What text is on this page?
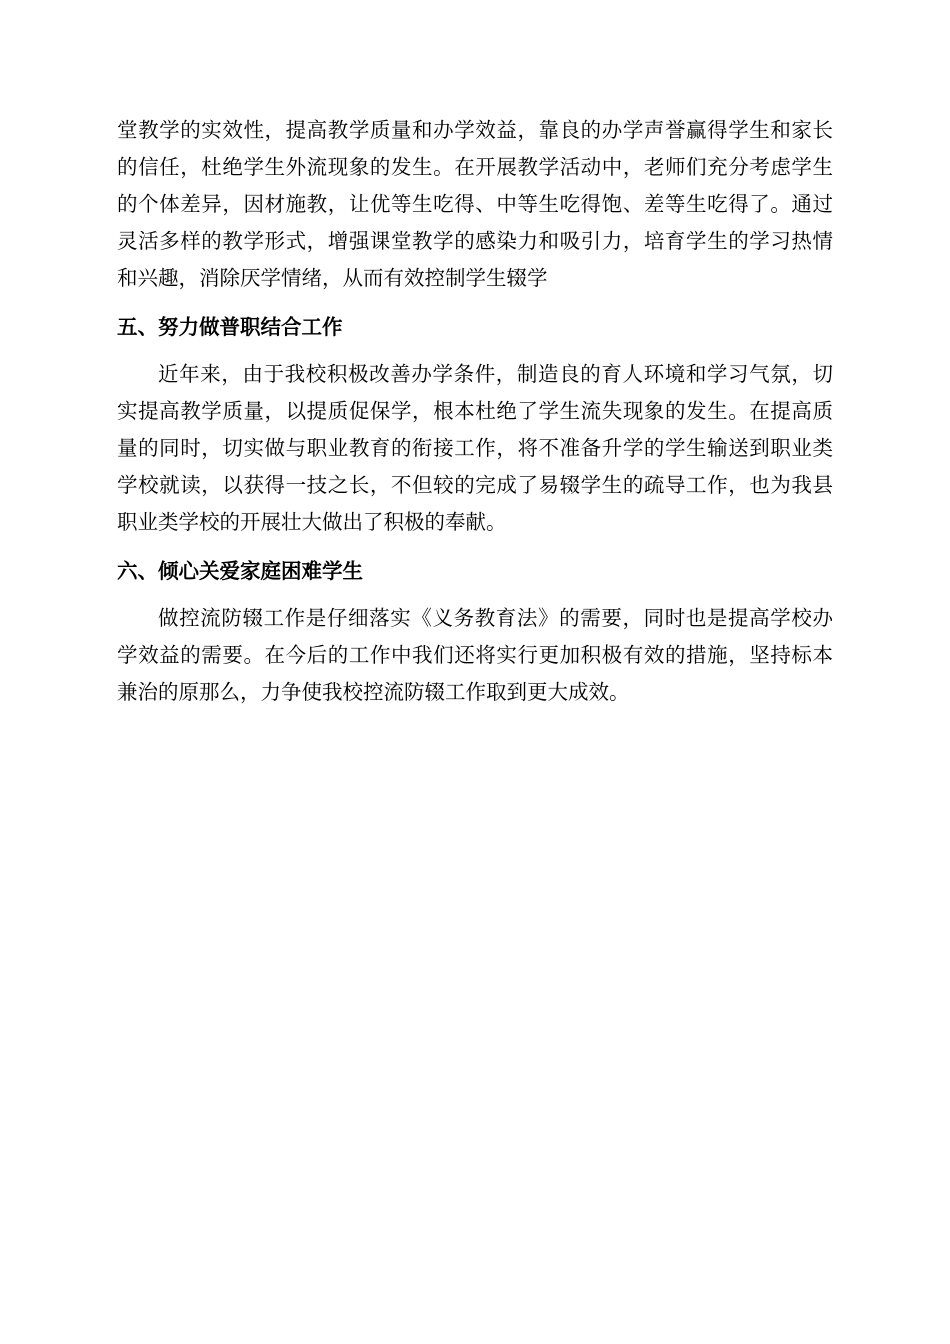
堂教学的实效性，提高教学质量和办学效益，靠良的办学声誉赢得学生和家长的信任，杜绝学生外流现象的发生。在开展教学活动中，老师们充分考虑学生的个体差异，因材施教，让优等生吃得、中等生吃得饱、差等生吃得了。通过灵活多样的教学形式，增强课堂教学的感染力和吸引力，培育学生的学习热情和兴趣，消除厌学情绪，从而有效控制学生辍学

五、努力做普职结合工作

近年来，由于我校积极改善办学条件，制造良的育人环境和学习气氛，切实提高教学质量，以提质促保学，根本杜绝了学生流失现象的发生。在提高质量的同时，切实做与职业教育的衔接工作，将不准备升学的学生输送到职业类学校就读，以获得一技之长，不但较的完成了易辍学生的疏导工作，也为我县职业类学校的开展壮大做出了积极的奉献。

六、倾心关爱家庭困难学生

做控流防辍工作是仔细落实《义务教育法》的需要，同时也是提高学校办学效益的需要。在今后的工作中我们还将实行更加积极有效的措施，坚持标本兼治的原那么，力争使我校控流防辍工作取到更大成效。
